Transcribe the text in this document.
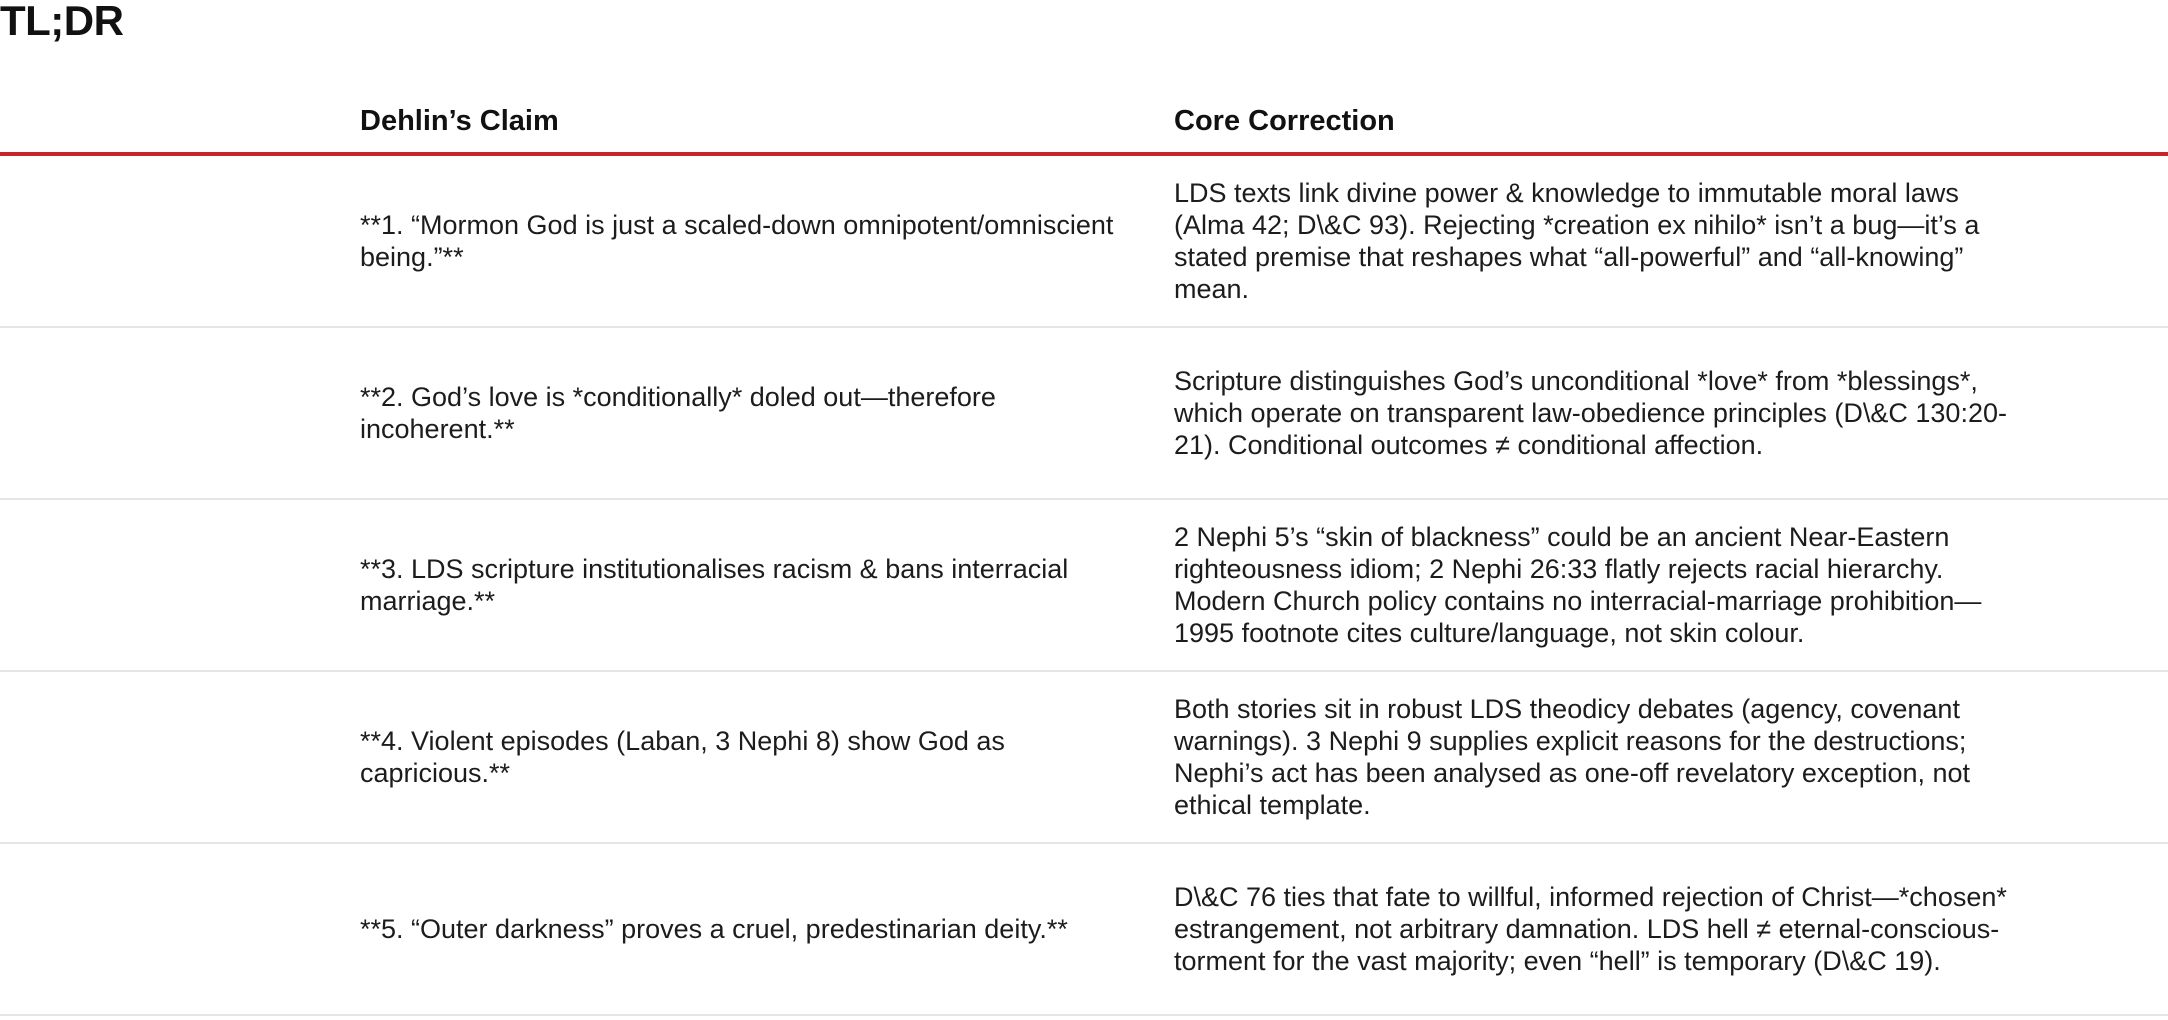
TL;DR
	Dehlin’s Claim	Core Correction
	**1. “Mormon God is just a scaled-down omnipotent/omniscient being.”**	LDS texts link divine power & knowledge to immutable moral laws (Alma 42; D\&C 93). Rejecting *creation ex nihilo* isn’t a bug—it’s a stated premise that reshapes what “all-powerful” and “all-knowing” mean.
	**2. God’s love is *conditionally* doled out—therefore incoherent.**	Scripture distinguishes God’s unconditional *love* from *blessings*, which operate on transparent law-obedience principles (D\&C 130:20-21). Conditional outcomes ≠ conditional affection.
	**3. LDS scripture institutionalises racism & bans interracial marriage.**	2 Nephi 5’s “skin of blackness” could be an ancient Near-Eastern righteousness idiom; 2 Nephi 26:33 flatly rejects racial hierarchy. Modern Church policy contains no interracial-marriage prohibition—1995 footnote cites culture/language, not skin colour.
	**4. Violent episodes (Laban, 3 Nephi 8) show God as capricious.**	Both stories sit in robust LDS theodicy debates (agency, covenant warnings). 3 Nephi 9 supplies explicit reasons for the destructions; Nephi’s act has been analysed as one-off revelatory exception, not ethical template.
	**5. “Outer darkness” proves a cruel, predestinarian deity.**	D\&C 76 ties that fate to willful, informed rejection of Christ—*chosen* estrangement, not arbitrary damnation. LDS hell ≠ eternal-conscious-torment for the vast majority; even “hell” is temporary (D\&C 19).
